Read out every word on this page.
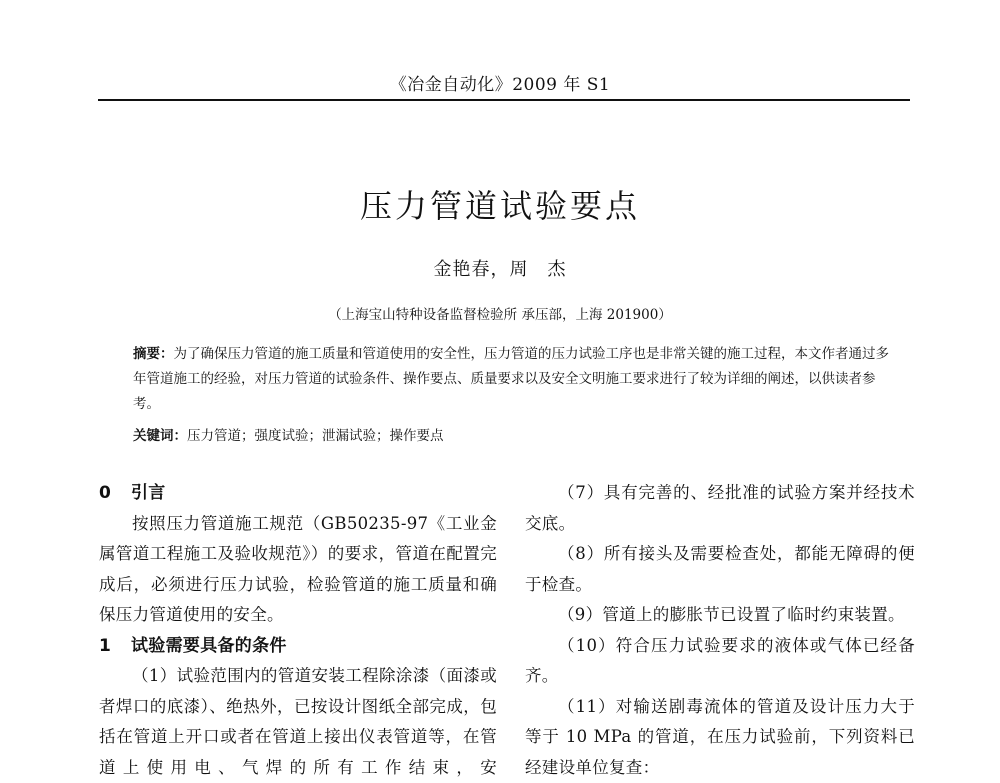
《冶金自动化》2009 年 S1
压力管道试验要点
金艳春，周　杰
（上海宝山特种设备监督检验所 承压部，上海 201900）
摘要：为了确保压力管道的施工质量和管道使用的安全性，压力管道的压力试验工序也是非常关键的施工过程，本文作者通过多年管道施工的经验，对压力管道的试验条件、操作要点、质量要求以及安全文明施工要求进行了较为详细的阐述，以供读者参考。
关键词：压力管道；强度试验；泄漏试验；操作要点
0 引言
按照压力管道施工规范（GB50235-97《工业金属管道工程施工及验收规范》）的要求，管道在配置完成后，必须进行压力试验，检验管道的施工质量和确保压力管道使用的安全。
1 试验需要具备的条件
（1）试验范围内的管道安装工程除涂漆（面漆或者焊口的底漆）、绝热外，已按设计图纸全部完成，包括在管道上开口或者在管道上接出仪表管道等，在管道上使用电、气焊的所有工作结束，安
（7）具有完善的、经批准的试验方案并经技术交底。
（8）所有接头及需要检查处，都能无障碍的便于检查。
（9）管道上的膨胀节已设置了临时约束装置。
（10）符合压力试验要求的液体或气体已经备齐。
（11）对输送剧毒流体的管道及设计压力大于等于 10 MPa 的管道，在压力试验前，下列资料已经建设单位复查：
